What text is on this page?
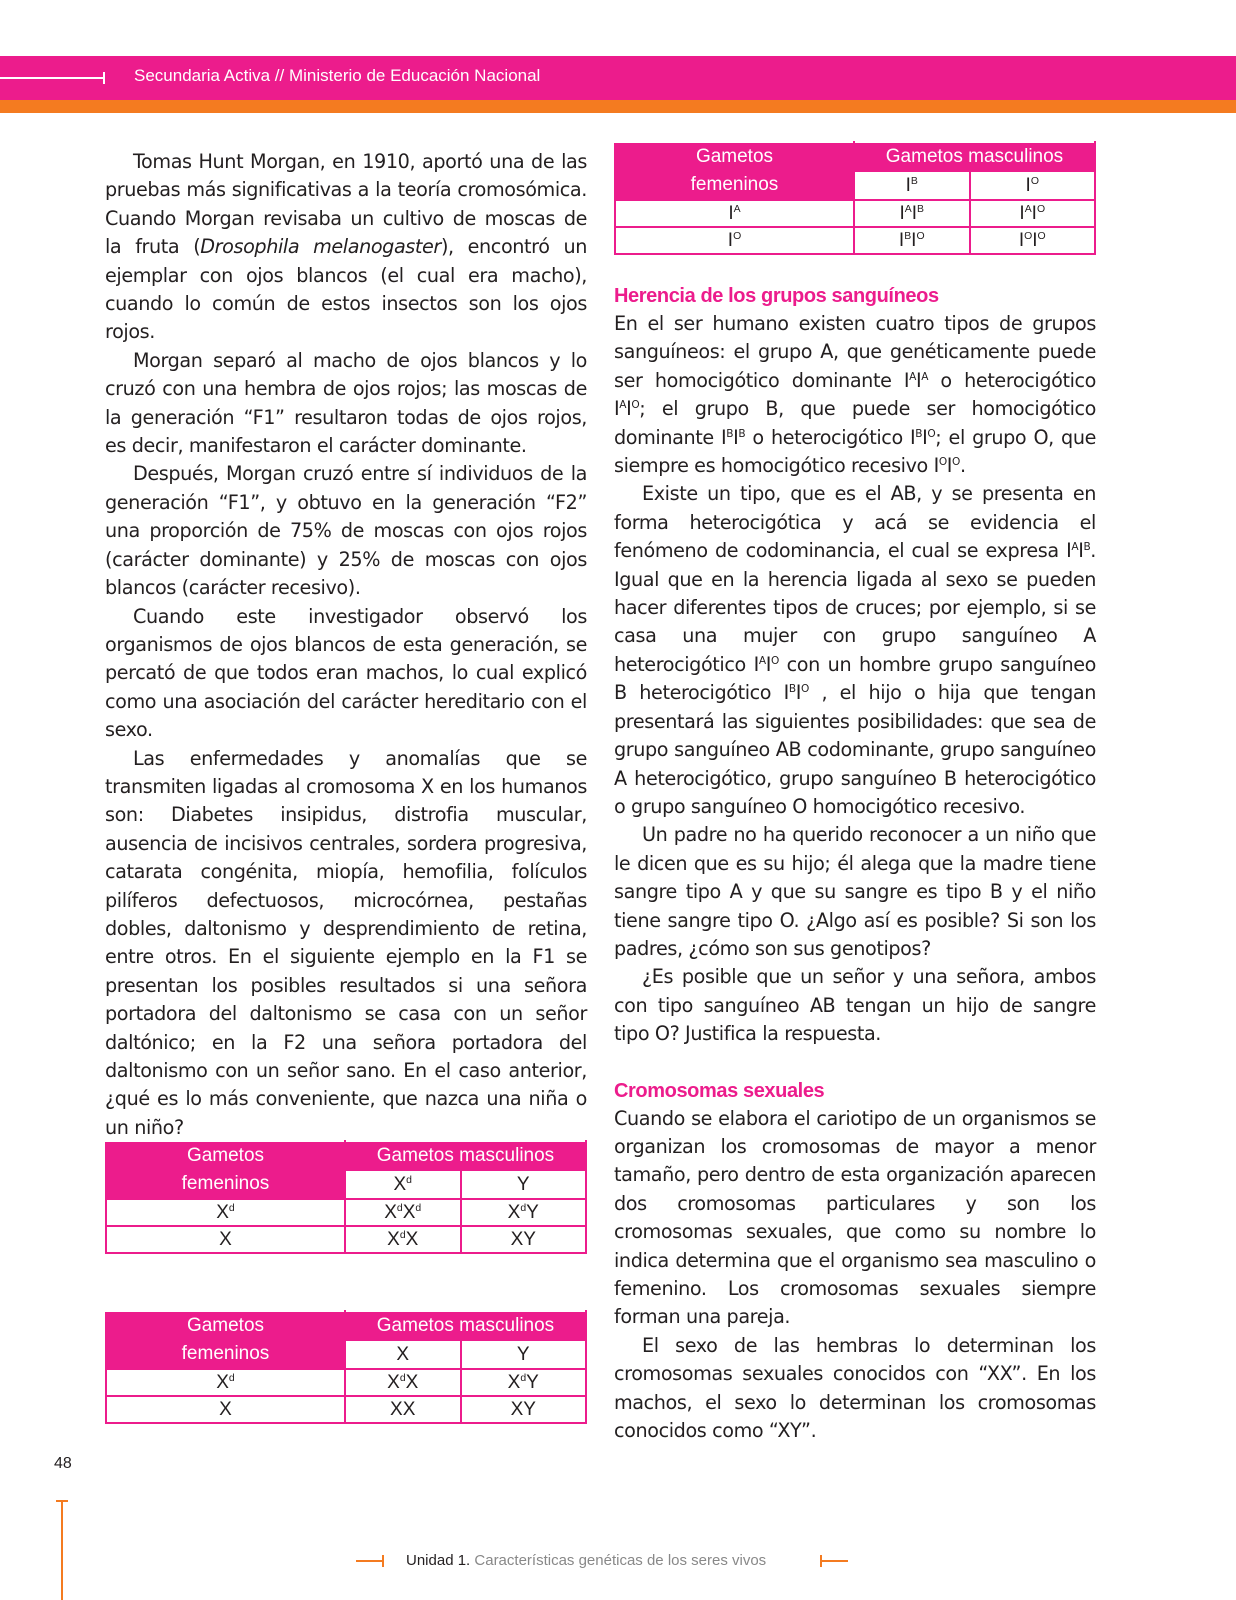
Secundaria Activa // Ministerio de Educación Nacional

Tomas Hunt Morgan, en 1910, aportó una de las pruebas más significativas a la teoría cromosómica. Cuando Morgan revisaba un cultivo de moscas de la fruta (Drosophila melanogaster), encontró un ejemplar con ojos blancos (el cual era macho), cuando lo común de estos insectos son los ojos rojos.

Morgan separó al macho de ojos blancos y lo cruzó con una hembra de ojos rojos; las moscas de la generación “F1” resultaron todas de ojos rojos, es decir, manifestaron el carácter dominante.

Después, Morgan cruzó entre sí individuos de la generación “F1”, y obtuvo en la generación “F2” una proporción de 75% de moscas con ojos rojos (carácter dominante) y 25% de moscas con ojos blancos (carácter recesivo).

Cuando este investigador observó los organismos de ojos blancos de esta generación, se percató de que todos eran machos, lo cual explicó como una asociación del carácter hereditario con el sexo.

Las enfermedades y anomalías que se transmiten ligadas al cromosoma X en los humanos son: Diabetes insipidus, distrofia muscular, ausencia de incisivos centrales, sordera progresiva, catarata congénita, miopía, hemofilia, folículos pilíferos defectuosos, microcórnea, pestañas dobles, daltonismo y desprendimiento de retina, entre otros. En el siguiente ejemplo en la F1 se presentan los posibles resultados si una señora portadora del daltonismo se casa con un señor daltónico; en la F2 una señora portadora del daltonismo con un señor sano. En el caso anterior, ¿qué es lo más conveniente, que nazca una niña o un niño?

Gametos
femeninos	Gametos masculinos	
	$I^B$	$I^O$
$I^A$	$I^AI^B$	$I^AI^O$
$I^O$	$I^BI^O$	$I^OI^O$
Gametos
femeninos	Gametos masculinos	
	$X^d$	Y
$X^d$	$X^dX^d$	$X^dY$
X	$X^dX$	XY
Gametos
femeninos	Gametos masculinos	
	X	Y
$X^d$	$X^dX$	$X^dY$
X	XX	XY
Herencia de los grupos sanguíneos

En el ser humano existen cuatro tipos de grupos sanguíneos: el grupo A, que genéticamente puede ser homocigótico dominante $I^AI^A$ o heterocigótico $I^AI^O$; el grupo B, que puede ser homocigótico dominante $I^BI^B$ o heterocigótico $I^BI^O$; el grupo O, que siempre es homocigótico recesivo $I^OI^O$.

Existe un tipo, que es el AB, y se presenta en forma heterocigótica y acá se evidencia el fenómeno de codominancia, el cual se expresa $I^AI^B$. Igual que en la herencia ligada al sexo se pueden hacer diferentes tipos de cruces; por ejemplo, si se casa una mujer con grupo sanguíneo A heterocigótico $I^AI^O$ con un hombre grupo sanguíneo B heterocigótico $I^BI^O$ , el hijo o hija que tengan presentará las siguientes posibilidades: que sea de grupo sanguíneo AB codominante, grupo sanguíneo A heterocigótico, grupo sanguíneo B heterocigótico o grupo sanguíneo O homocigótico recesivo.

Un padre no ha querido reconocer a un niño que le dicen que es su hijo; él alega que la madre tiene sangre tipo A y que su sangre es tipo B y el niño tiene sangre tipo O. ¿Algo así es posible? Si son los padres, ¿cómo son sus genotipos?

¿Es posible que un señor y una señora, ambos con tipo sanguíneo AB tengan un hijo de sangre tipo O? Justifica la respuesta.

Cromosomas sexuales

Cuando se elabora el cariotipo de un organismos se organizan los cromosomas de mayor a menor tamaño, pero dentro de esta organización aparecen dos cromosomas particulares y son los cromosomas sexuales, que como su nombre lo indica determina que el organismo sea masculino o femenino. Los cromosomas sexuales siempre forman una pareja.

El sexo de las hembras lo determinan los cromosomas sexuales conocidos con “XX”. En los machos, el sexo lo determinan los cromosomas conocidos como “XY”.

48
Unidad 1. Características genéticas de los seres vivos
